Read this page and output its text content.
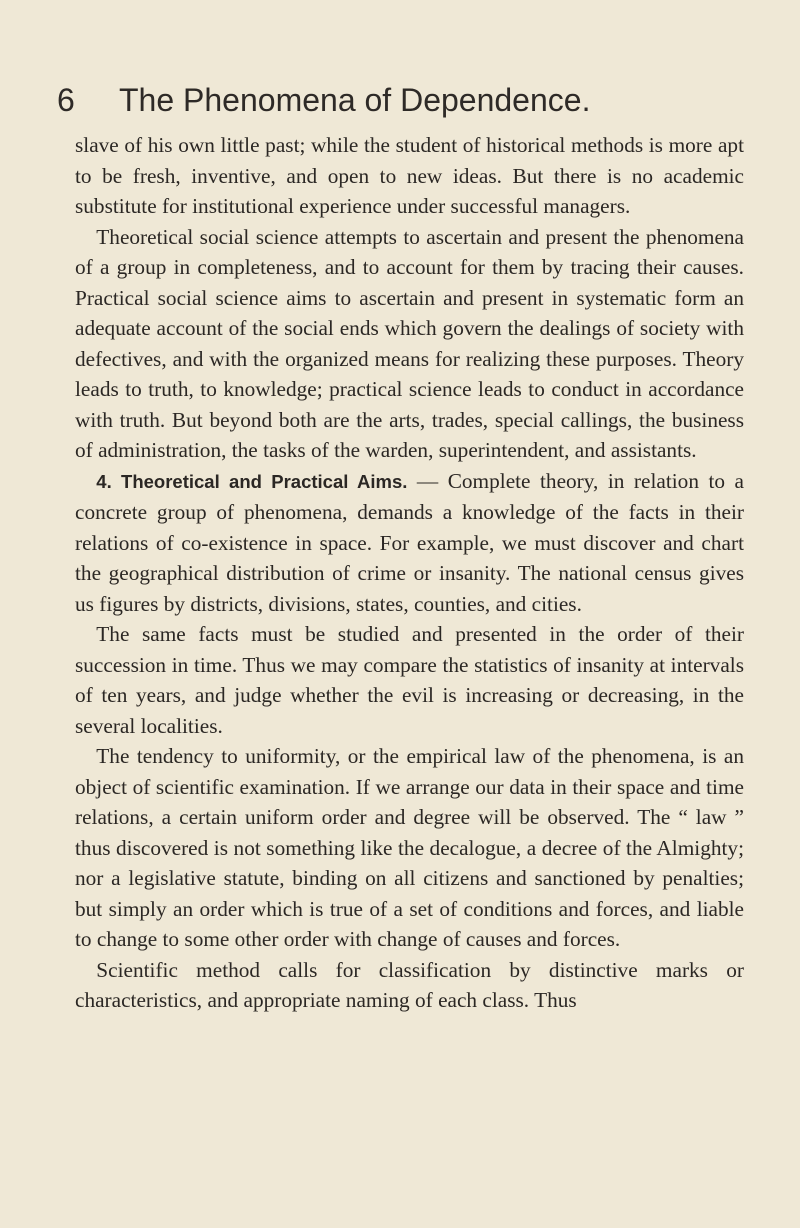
6 The Phenomena of Dependence.

slave of his own little past; while the student of historical methods is more apt to be fresh, inventive, and open to new ideas. But there is no academic substitute for institutional experience under successful managers.

Theoretical social science attempts to ascertain and present the phenomena of a group in completeness, and to account for them by tracing their causes. Practical social science aims to ascertain and present in systematic form an adequate account of the social ends which govern the dealings of society with defectives, and with the organized means for realizing these purposes. Theory leads to truth, to knowledge; practical science leads to conduct in accordance with truth. But beyond both are the arts, trades, special callings, the business of administration, the tasks of the warden, superintendent, and assistants.

4. Theoretical and Practical Aims. — Complete theory, in relation to a concrete group of phenomena, demands a knowledge of the facts in their relations of co-existence in space. For example, we must discover and chart the geographical distribution of crime or insanity. The national census gives us figures by districts, divisions, states, counties, and cities.

The same facts must be studied and presented in the order of their succession in time. Thus we may compare the statistics of insanity at intervals of ten years, and judge whether the evil is increasing or decreasing, in the several localities.

The tendency to uniformity, or the empirical law of the phenomena, is an object of scientific examination. If we arrange our data in their space and time relations, a certain uniform order and degree will be observed. The “ law ” thus discovered is not something like the decalogue, a decree of the Almighty; nor a legislative statute, binding on all citizens and sanctioned by penalties; but simply an order which is true of a set of conditions and forces, and liable to change to some other order with change of causes and forces.

Scientific method calls for classification by distinctive marks or characteristics, and appropriate naming of each class. Thus
